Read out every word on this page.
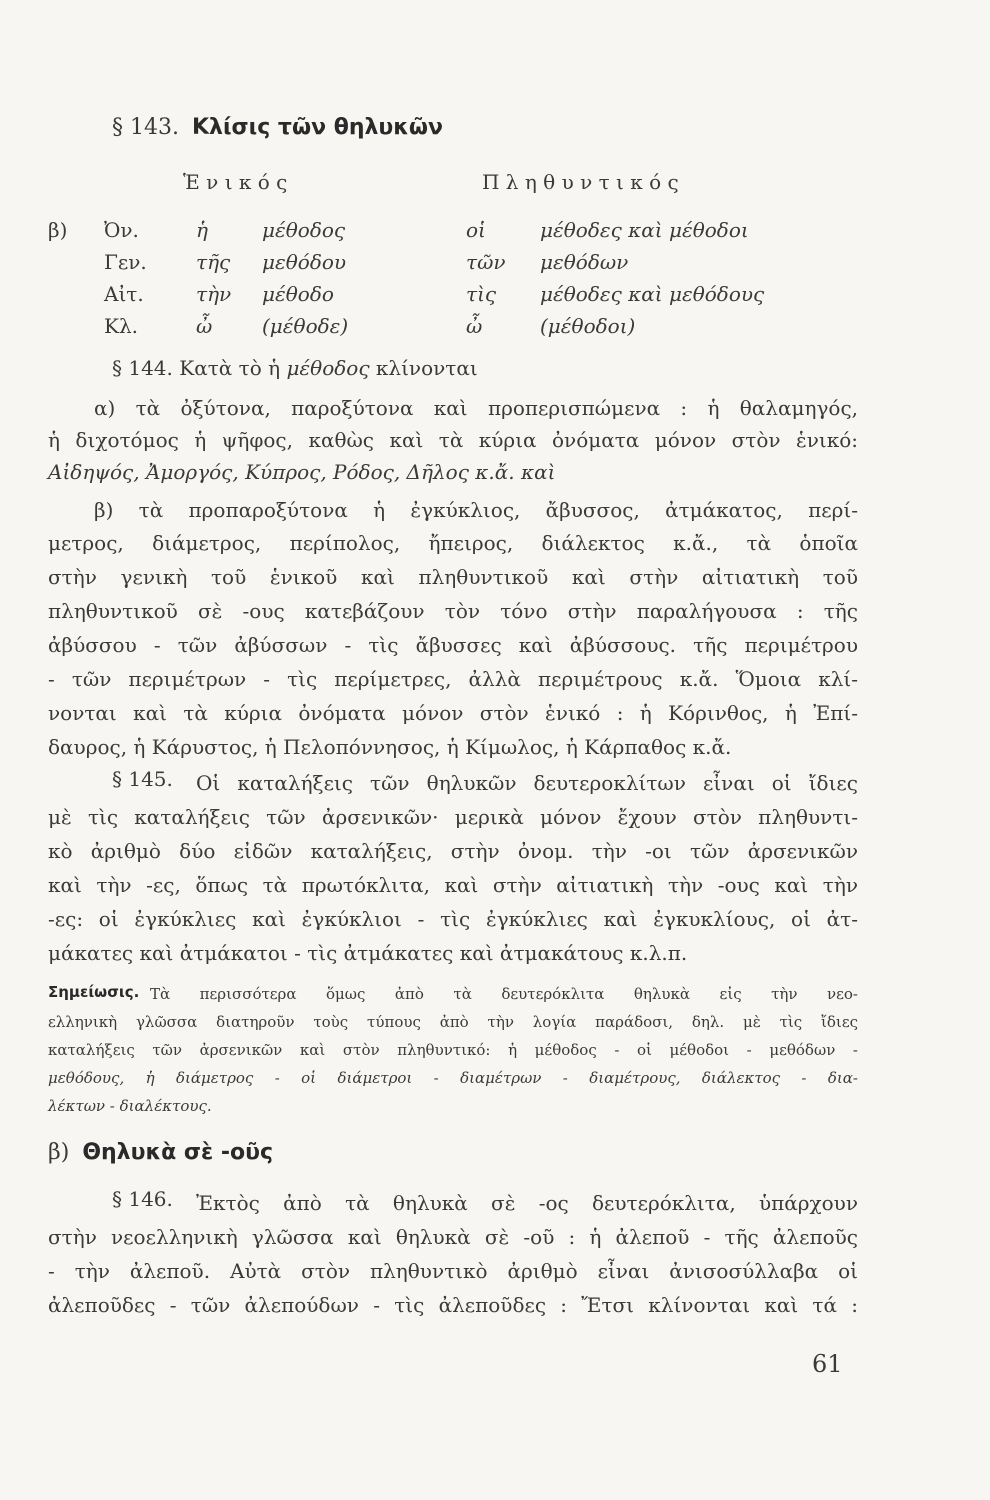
§ 143. Κλίσις τῶν θηλυκῶν
Ἑ ν ι κ ό ς	Π λ η θ υ ν τ ι κ ό ς
β) Ὀν.	ἡ	μέθοδος	οἱ	μέθοδες καὶ μέθοδοι
Γεν. τῆς μεθόδου	τῶν μεθόδων
Αἰτ.	τὴν μέθοδο	τὶς μέθοδες καὶ μεθόδους
Κλ.	ὦ (μέθοδε)	ὦ	(μέθοδοι)
§ 144. Κατὰ τὸ ἡ μέθοδος κλίνονται
α) τὰ ὀξύτονα, παροξύτονα καὶ προπερισπώμενα : ἡ θαλαμηγός,
ἡ διχοτόμος ἡ ψῆφος, καθὼς καὶ τὰ κύρια ὀνόματα μόνον στὸν ἑνικό:
Αἰδηψός, Ἀμοργός, Κύπρος, Ρόδος, Δῆλος κ.ἄ. καὶ
β) τὰ προπαροξύτονα ἡ ἐγκύκλιος, ἄβυσσος, ἀτμάκατος, περί-
μετρος, διάμετρος, περίπολος, ἤπειρος, διάλεκτος κ.ἄ., τὰ ὁποῖα
στὴν γενικὴ τοῦ ἑνικοῦ καὶ πληθυντικοῦ καὶ στὴν αἰτιατικὴ τοῦ
πληθυντικοῦ σὲ -ους κατεβάζουν τὸν τόνο στὴν παραλήγουσα : τῆς
ἀβύσσου - τῶν ἀβύσσων - τὶς ἄβυσσες καὶ ἀβύσσους. τῆς περιμέτρου
- τῶν περιμέτρων - τὶς περίμετρες, ἀλλὰ περιμέτρους κ.ἄ. Ὅμοια κλί-
νονται καὶ τὰ κύρια ὀνόματα μόνον στὸν ἑνικό : ἡ Κόρινθος, ἡ Ἐπί-
δαυρος, ἡ Κάρυστος, ἡ Πελοπόννησος, ἡ Κίμωλος, ἡ Κάρπαθος κ.ἄ.
§ 145. Οἱ καταλήξεις τῶν θηλυκῶν δευτεροκλίτων εἶναι οἱ ἴδιες
μὲ τὶς καταλήξεις τῶν ἀρσενικῶν· μερικὰ μόνον ἔχουν στὸν πληθυντι-
κὸ ἀριθμὸ δύο εἰδῶν καταλήξεις, στὴν ὀνομ. τὴν -οι τῶν ἀρσενικῶν
καὶ τὴν -ες, ὅπως τὰ πρωτόκλιτα, καὶ στὴν αἰτιατικὴ τὴν -ους καὶ τὴν
-ες: οἱ ἐγκύκλιες καὶ ἐγκύκλιοι - τὶς ἐγκύκλιες καὶ ἐγκυκλίους, οἱ ἀτ-
μάκατες καὶ ἀτμάκατοι - τὶς ἀτμάκατες καὶ ἀτμακάτους κ.λ.π.
Σημείωσις. Τὰ περισσότερα ὅμως ἀπὸ τὰ δευτερόκλιτα θηλυκὰ εἰς τὴν νεο-
ελληνικὴ γλῶσσα διατηροῦν τοὺς τύπους ἀπὸ τὴν λογία παράδοσι, δηλ. μὲ τὶς ἴδιες
καταλήξεις τῶν ἀρσενικῶν καὶ στὸν πληθυντικό: ἡ μέθοδος - οἱ μέθοδοι - μεθόδων -
μεθόδους, ἡ διάμετρος - οἱ διάμετροι - διαμέτρων - διαμέτρους, διάλεκτος - δια-
λέκτων - διαλέκτους.
β) Θηλυκὰ σὲ -οῦς
§ 146. Ἐκτὸς ἀπὸ τὰ θηλυκὰ σὲ -ος δευτερόκλιτα, ὑπάρχουν
στὴν νεοελληνικὴ γλῶσσα καὶ θηλυκὰ σὲ -οῦ : ἡ ἀλεποῦ - τῆς ἀλεποῦς
- τὴν ἀλεποῦ. Αὐτὰ στὸν πληθυντικὸ ἀριθμὸ εἶναι ἀνισοσύλλαβα οἱ
ἀλεποῦδες - τῶν ἀλεπούδων - τὶς ἀλεποῦδες : Ἔτσι κλίνονται καὶ τά :
61
